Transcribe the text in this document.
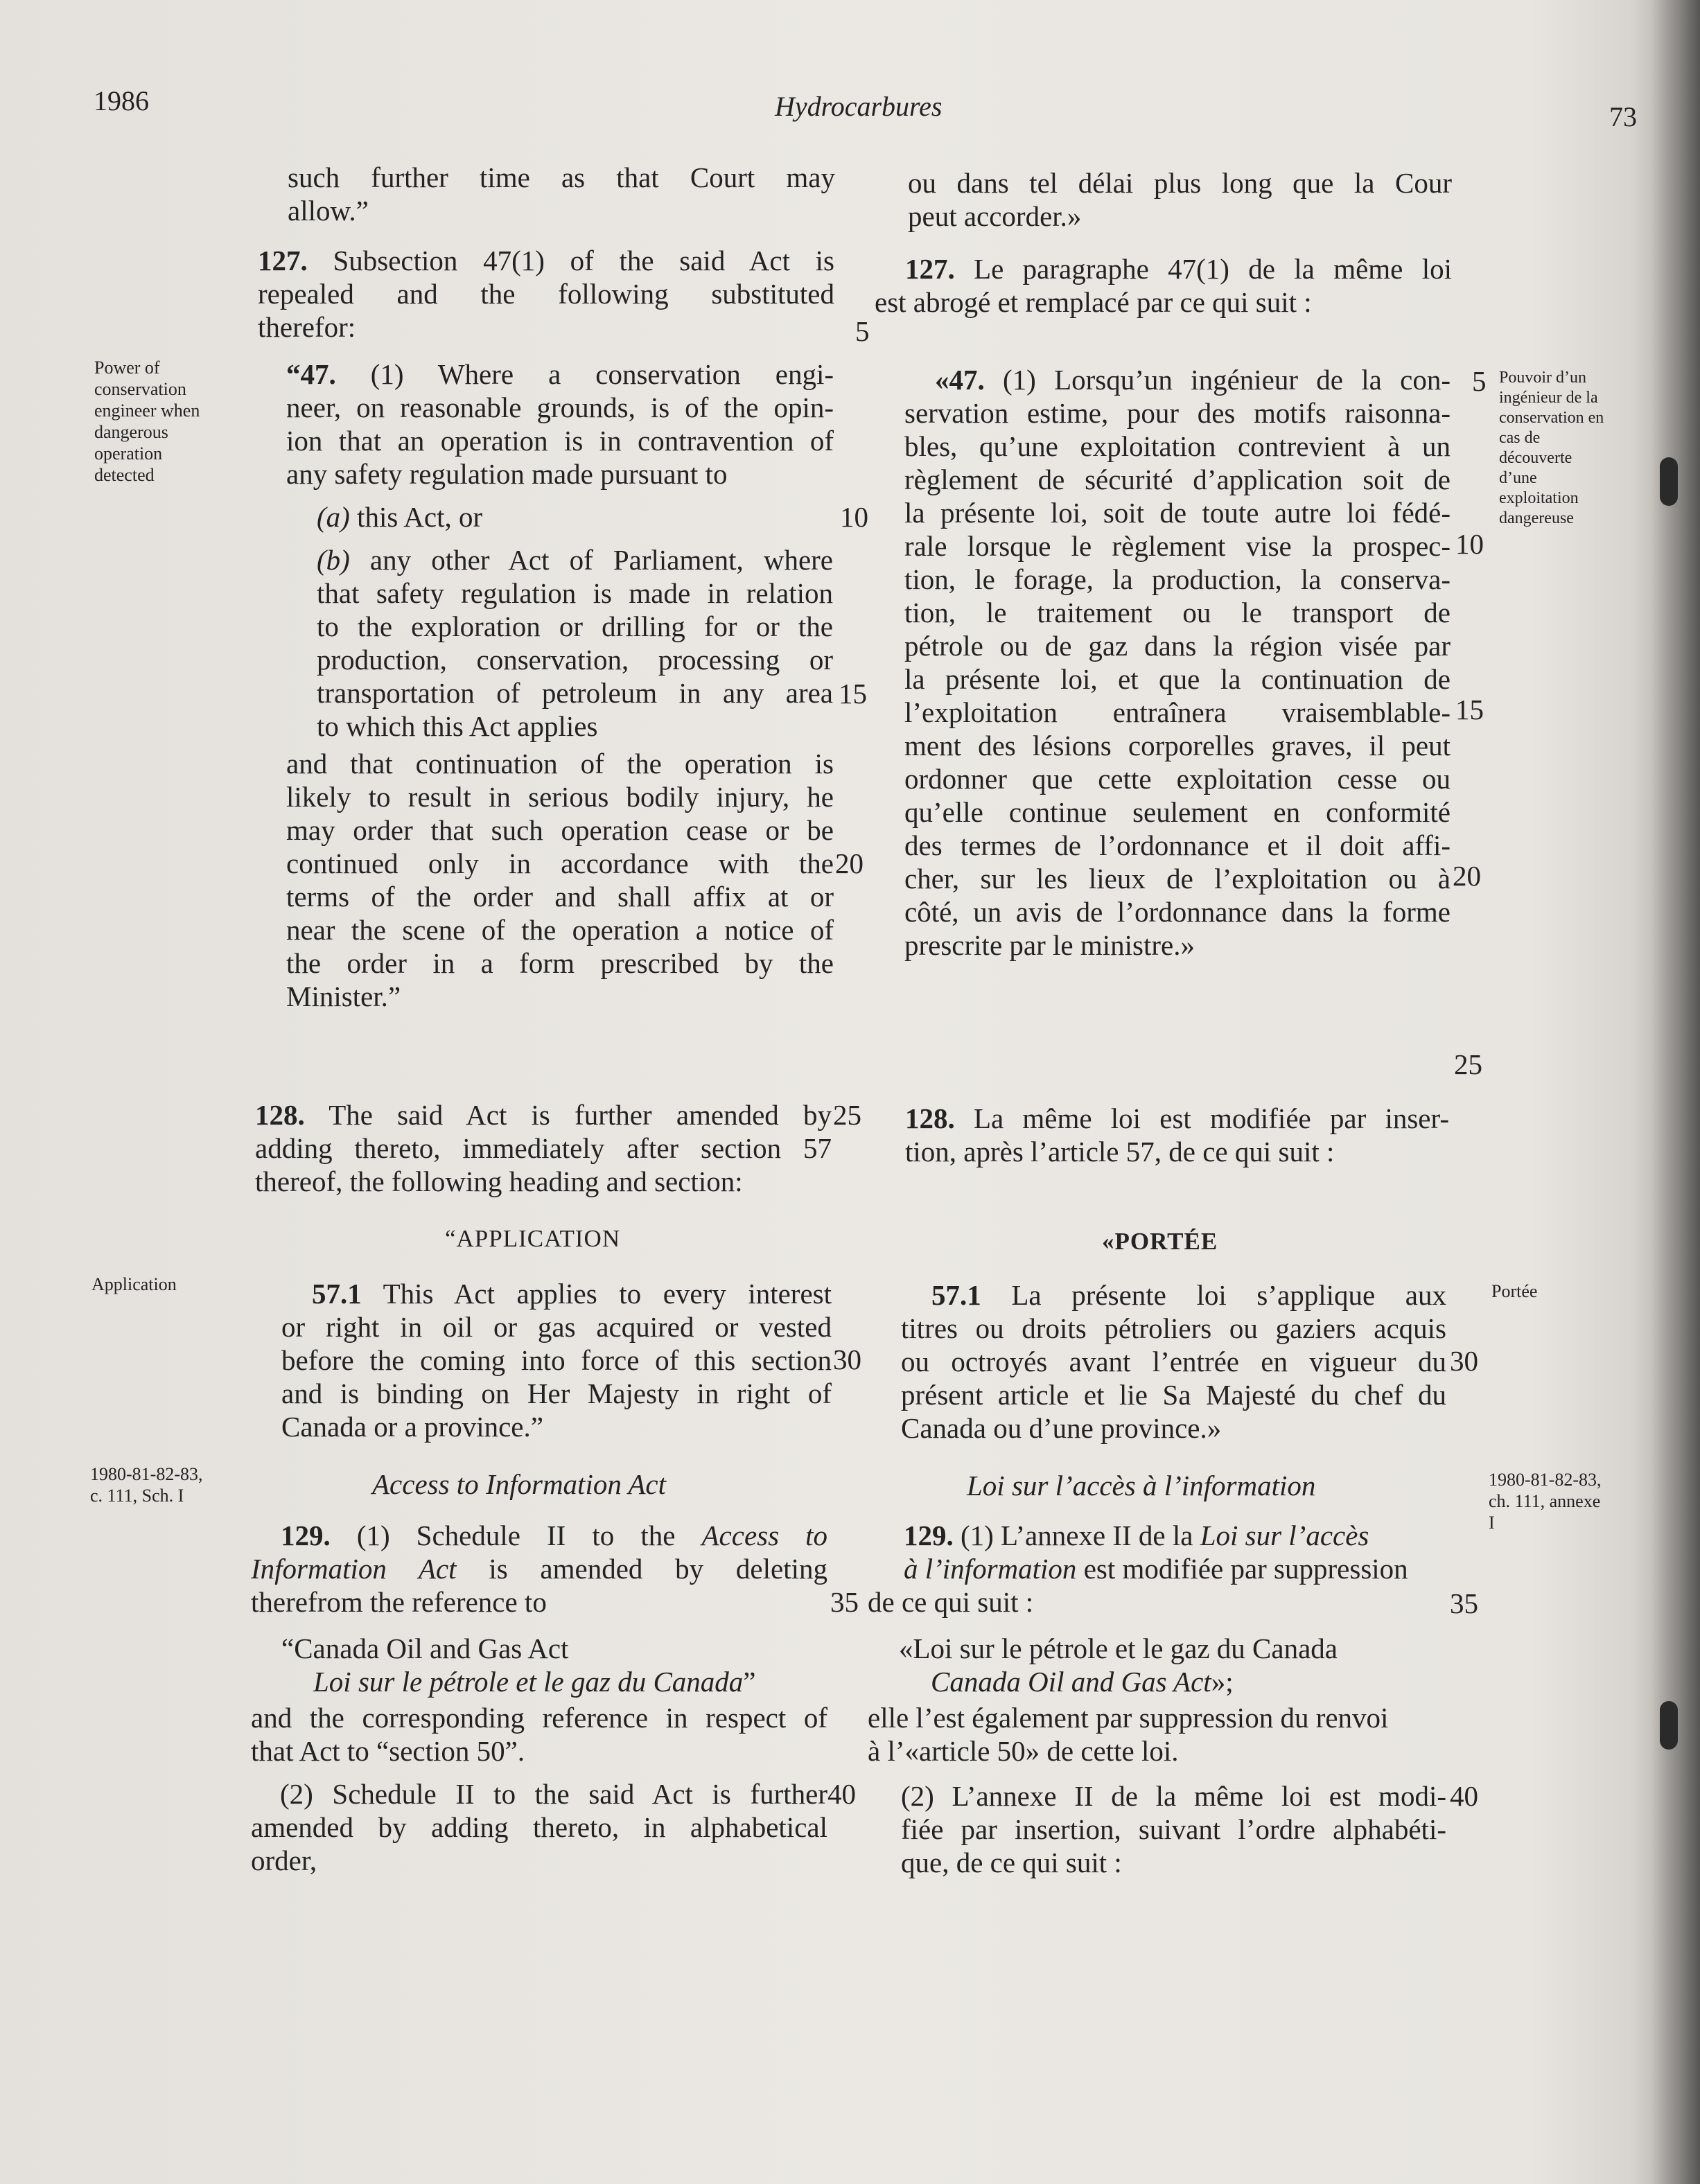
1986	Hydrocarbures	73
such further time as that Court may
allow.”
127. Subsection 47(1) of the said Act is
repealed and the following substituted
therefor:
“47. (1) Where a conservation engi-
neer, on reasonable grounds, is of the opin-
ion that an operation is in contravention of
any safety regulation made pursuant to
(a) this Act, or
(b) any other Act of Parliament, where
that safety regulation is made in relation
to the exploration or drilling for or the
production, conservation, processing or
transportation of petroleum in any area
to which this Act applies
and that continuation of the operation is
likely to result in serious bodily injury, he
may order that such operation cease or be
continued only in accordance with the
terms of the order and shall affix at or
near the scene of the operation a notice of
the order in a form prescribed by the
Minister.”
128. The said Act is further amended by
adding thereto, immediately after section 57
thereof, the following heading and section:
“APPLICATION
57.1 This Act applies to every interest
or right in oil or gas acquired or vested
before the coming into force of this section
and is binding on Her Majesty in right of
Canada or a province.”
Access to Information Act
129. (1) Schedule II to the Access to
Information Act is amended by deleting
therefrom the reference to
“Canada Oil and Gas Act
Loi sur le pétrole et le gaz du Canada”
and the corresponding reference in respect of
that Act to “section 50”.
(2) Schedule II to the said Act is further
amended by adding thereto, in alphabetical
order,
5
10
15
20
25
30
35
40
Power of
conservation
engineer when
dangerous
operation
detected
Application
1980-81-82-83,
c. 111, Sch. I
ou dans tel délai plus long que la Cour
peut accorder.»
127. Le paragraphe 47(1) de la même loi
est abrogé et remplacé par ce qui suit :
«47. (1) Lorsqu’un ingénieur de la con-
servation estime, pour des motifs raisonna-
bles, qu’une exploitation contrevient à un
règlement de sécurité d’application soit de
la présente loi, soit de toute autre loi fédé-
rale lorsque le règlement vise la prospec-
tion, le forage, la production, la conserva-
tion, le traitement ou le transport de
pétrole ou de gaz dans la région visée par
la présente loi, et que la continuation de
l’exploitation entraînera vraisemblable-
ment des lésions corporelles graves, il peut
ordonner que cette exploitation cesse ou
qu’elle continue seulement en conformité
des termes de l’ordonnance et il doit affi-
cher, sur les lieux de l’exploitation ou à
côté, un avis de l’ordonnance dans la forme
prescrite par le ministre.»
128. La même loi est modifiée par inser-
tion, après l’article 57, de ce qui suit :
«PORTÉE
57.1 La présente loi s’applique aux
titres ou droits pétroliers ou gaziers acquis
ou octroyés avant l’entrée en vigueur du
présent article et lie Sa Majesté du chef du
Canada ou d’une province.»
Loi sur l’accès à l’information
129. (1) L’annexe II de la Loi sur l’accès
à l’information est modifiée par suppression
de ce qui suit :
«Loi sur le pétrole et le gaz du Canada
Canada Oil and Gas Act»;
elle l’est également par suppression du renvoi
à l’«article 50» de cette loi.
(2) L’annexe II de la même loi est modi-
fiée par insertion, suivant l’ordre alphabéti-
que, de ce qui suit :
5
10
15
20
25
30
35
40
Pouvoir d’un
ingénieur de la
conservation en
cas de
découverte
d’une
exploitation
dangereuse
Portée
1980-81-82-83,
ch. 111, annexe
I
